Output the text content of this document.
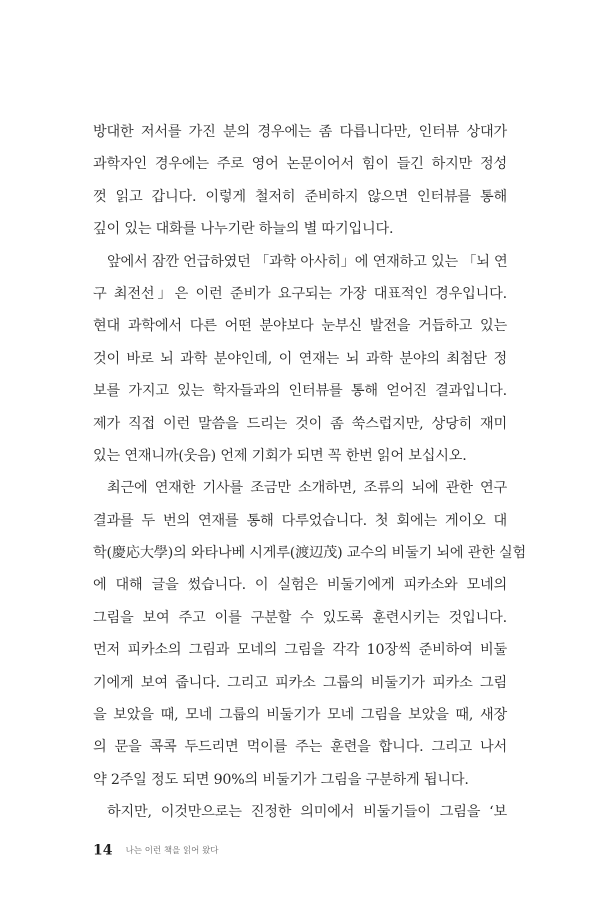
방대한 저서를 가진 분의 경우에는 좀 다릅니다만, 인터뷰 상대가
과학자인 경우에는 주로 영어 논문이어서 힘이 들긴 하지만 정성
껏 읽고 갑니다. 이렇게 철저히 준비하지 않으면 인터뷰를 통해
깊이 있는 대화를 나누기란 하늘의 별 따기입니다.
앞에서 잠깐 언급하였던 「과학 아사히」에 연재하고 있는 「뇌 연
구 최전선」은 이런 준비가 요구되는 가장 대표적인 경우입니다.
현대 과학에서 다른 어떤 분야보다 눈부신 발전을 거듭하고 있는
것이 바로 뇌 과학 분야인데, 이 연재는 뇌 과학 분야의 최첨단 정
보를 가지고 있는 학자들과의 인터뷰를 통해 얻어진 결과입니다.
제가 직접 이런 말씀을 드리는 것이 좀 쑥스럽지만, 상당히 재미
있는 연재니까(웃음) 언제 기회가 되면 꼭 한번 읽어 보십시오.
최근에 연재한 기사를 조금만 소개하면, 조류의 뇌에 관한 연구
결과를 두 번의 연재를 통해 다루었습니다. 첫 회에는 게이오 대
학(慶応大學)의 와타나베 시게루(渡辺茂) 교수의 비둘기 뇌에 관한 실험
에 대해 글을 썼습니다. 이 실험은 비둘기에게 피카소와 모네의
그림을 보여 주고 이를 구분할 수 있도록 훈련시키는 것입니다.
먼저 피카소의 그림과 모네의 그림을 각각 10장씩 준비하여 비둘
기에게 보여 줍니다. 그리고 피카소 그룹의 비둘기가 피카소 그림
을 보았을 때, 모네 그룹의 비둘기가 모네 그림을 보았을 때, 새장
의 문을 콕콕 두드리면 먹이를 주는 훈련을 합니다. 그리고 나서
약 2주일 정도 되면 90%의 비둘기가 그림을 구분하게 됩니다.
하지만, 이것만으로는 진정한 의미에서 비둘기들이 그림을 ‘보
14 나는 이런 책을 읽어 왔다
